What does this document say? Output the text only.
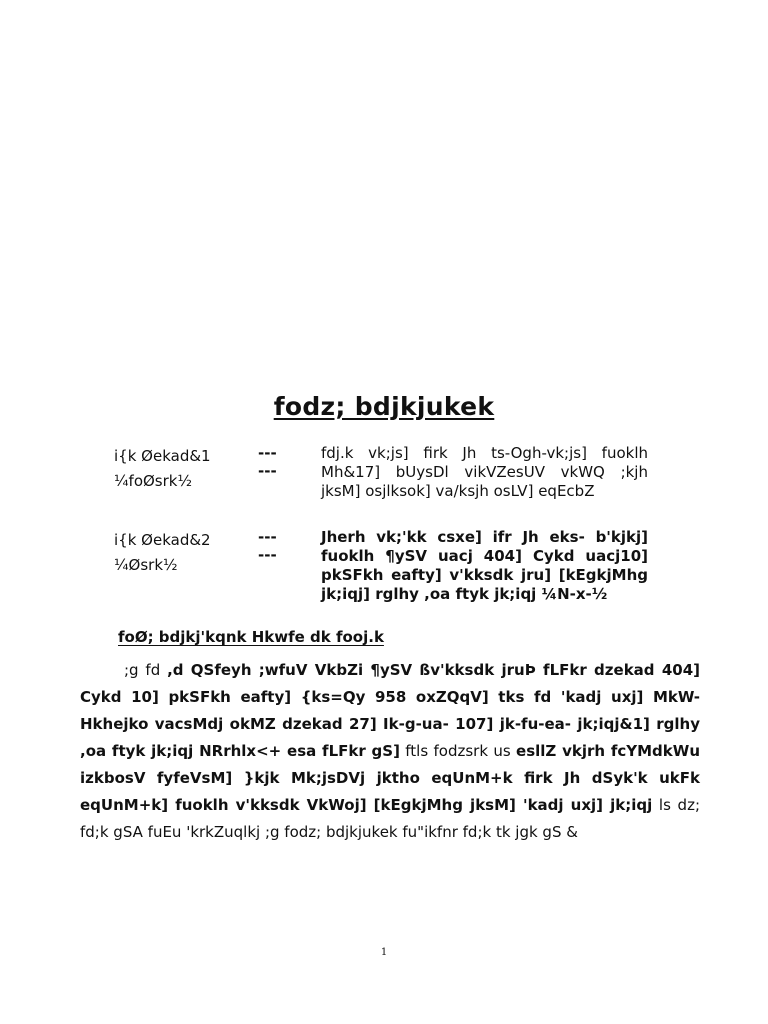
fodz; bdjkjukek
i{k Øekad&1
¼foØsrk½
---
---
fdj.k vk;js] firk Jh ts-Ogh-vk;js] fuoklh Mh&17] bUysDl vikVZesUV vkWQ ;kjh jksM] osjlksok] va/ksjh osLV] eqEcbZ
i{k Øekad&2
¼Øsrk½
---
---
Jherh vk;'kk csxe] ifr Jh eks- b'kjkj] fuoklh ¶ySV uacj 404] Cykd uacj10] pkSFkh eafty] v'kksdk jru] [kEgkjMhg jk;iqj] rglhy ,oa ftyk jk;iqj ¼N-x-½
foØ; bdjkj'kqnk Hkwfe dk fooj.k

;g fd ,d QSfeyh ;wfuV VkbZi ¶ySV ßv'kksdk jruÞ fLFkr dzekad 404] Cykd 10] pkSFkh eafty] {ks=Qy 958 oxZQqV] tks fd 'kadj uxj] MkW- Hkhejko vacsMdj okMZ dzekad 27] Ik-g-ua- 107] jk-fu-ea- jk;iqj&1] rglhy ,oa ftyk jk;iqj NRrhlx<+ esa fLFkr gS] ftls fodzsrk us esllZ vkjrh fcYMdkWu izkbosV fyfeVsM] }kjk Mk;jsDVj jktho eqUnM+k firk Jh dSyk'k ukFk eqUnM+k] fuoklh v'kksdk VkWoj] [kEgkjMhg jksM] 'kadj uxj] jk;iqj ls dz; fd;k gSA fuEu 'krkZuqlkj ;g fodz; bdjkjukek fu"ikfnr fd;k tk jgk gS &

1
